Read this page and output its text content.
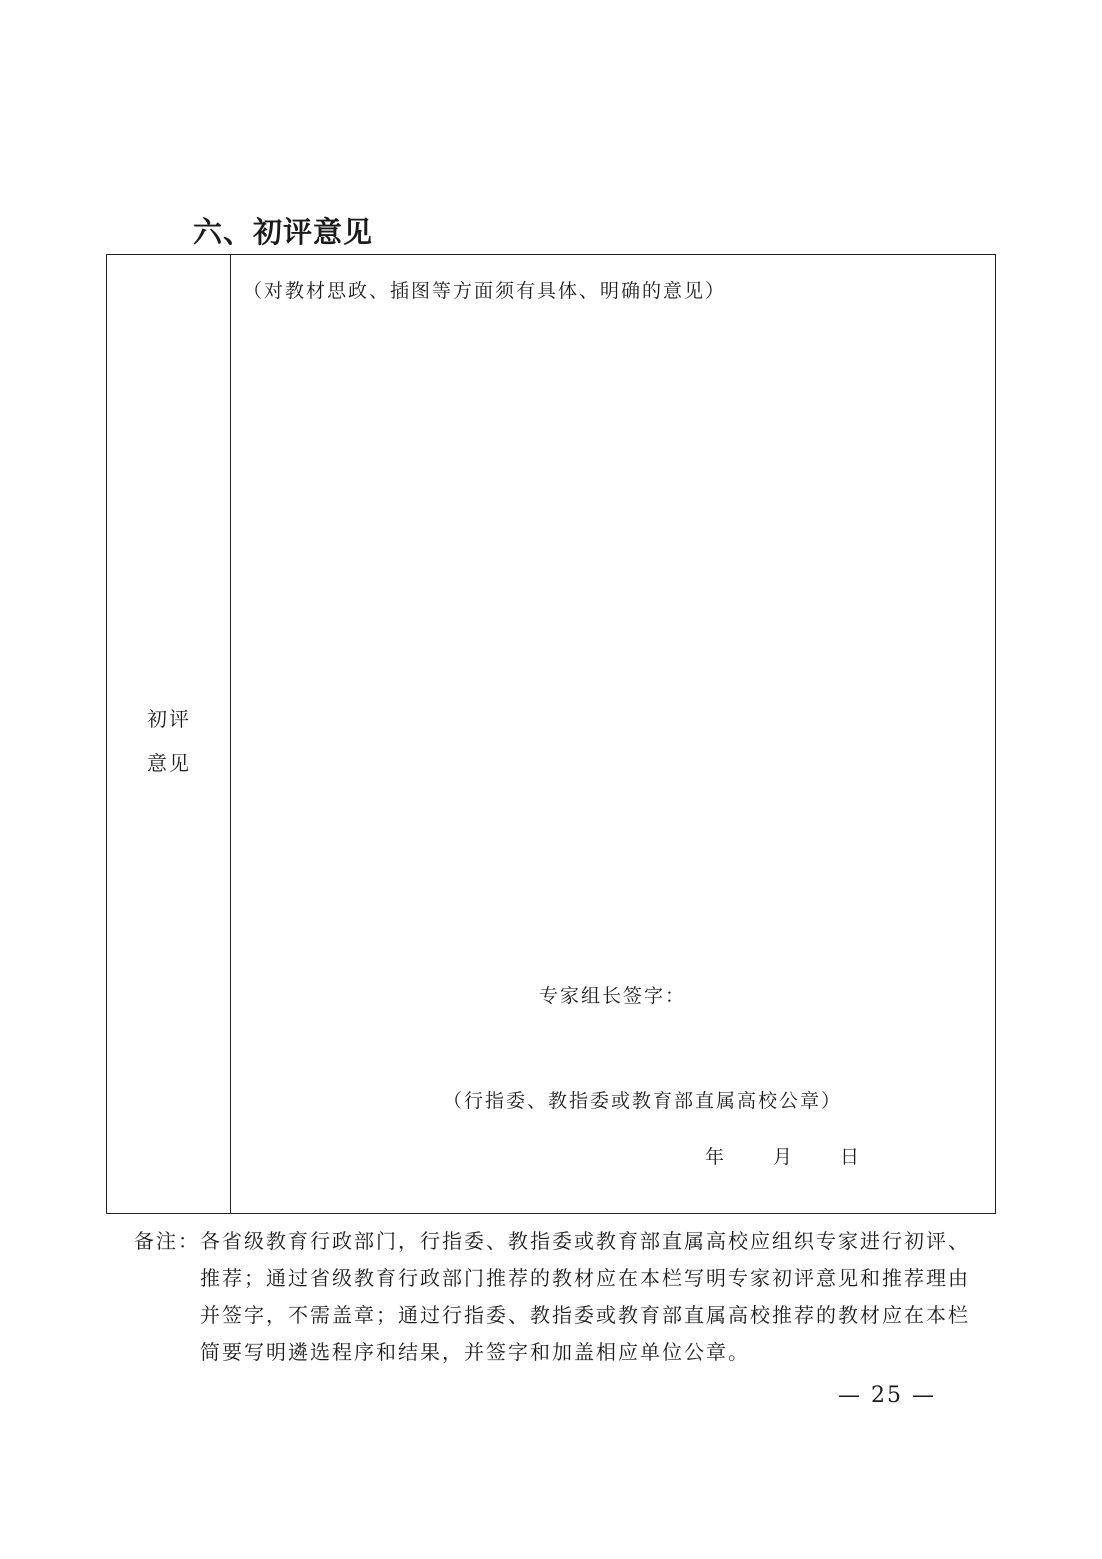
六、初评意见
初评
意见
（对教材思政、插图等方面须有具体、明确的意见）
专家组长签字：
（行指委、教指委或教育部直属高校公章）
年	月	日
备注： 各省级教育行政部门，行指委、教指委或教育部直属高校应组织专家进行初评、
推荐；通过省级教育行政部门推荐的教材应在本栏写明专家初评意见和推荐理由
并签字，不需盖章；通过行指委、教指委或教育部直属高校推荐的教材应在本栏
简要写明遴选程序和结果，并签字和加盖相应单位公章。
— 25 —
